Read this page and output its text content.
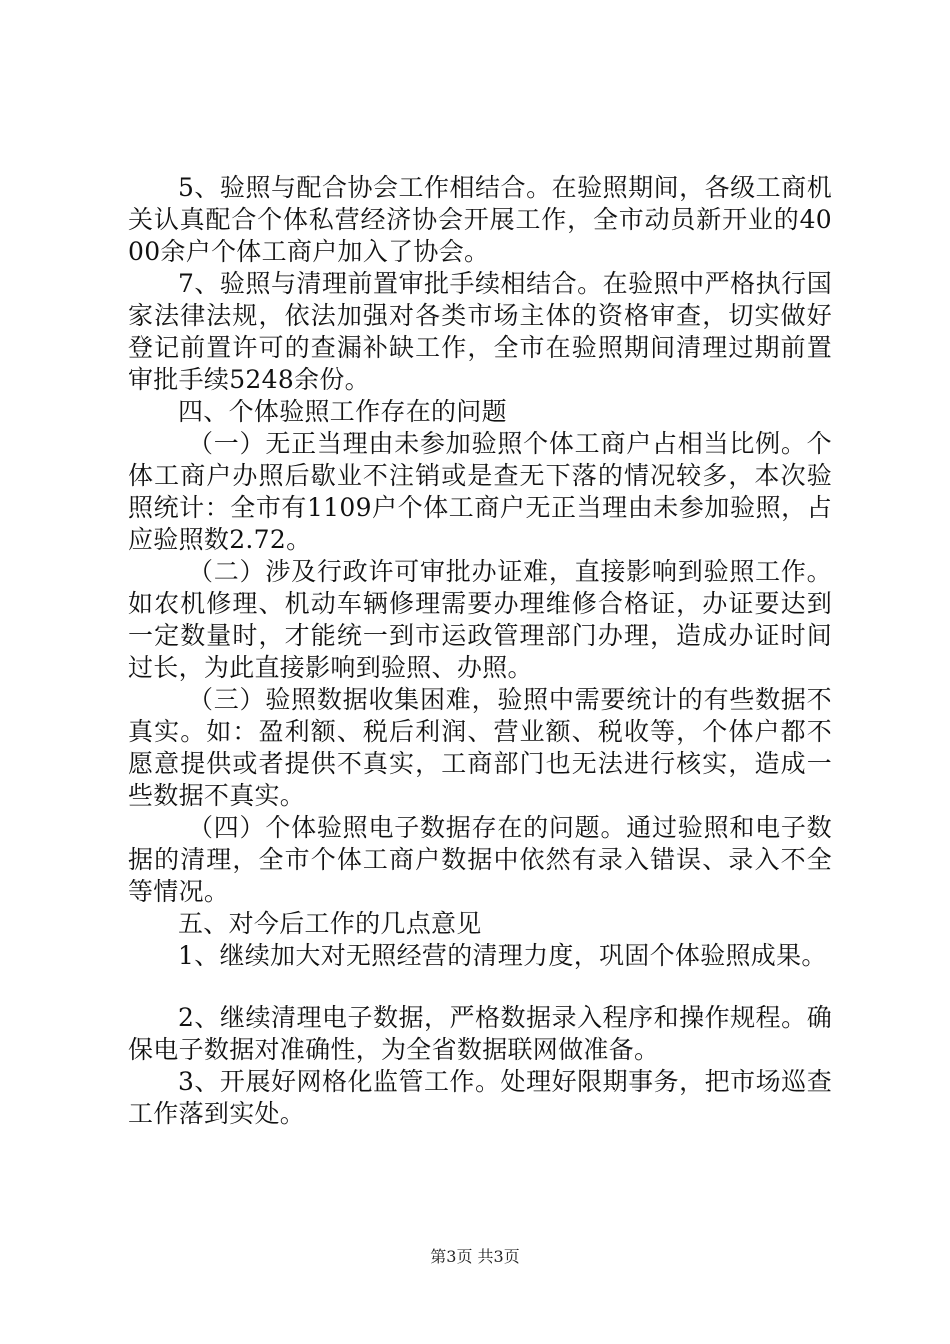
5、验照与配合协会工作相结合。在验照期间，各级工商机关认真配合个体私营经济协会开展工作，全市动员新开业的4000余户个体工商户加入了协会。

7、验照与清理前置审批手续相结合。在验照中严格执行国家法律法规，依法加强对各类市场主体的资格审查，切实做好登记前置许可的查漏补缺工作，全市在验照期间清理过期前置审批手续5248余份。

四、个体验照工作存在的问题

（一）无正当理由未参加验照个体工商户占相当比例。个体工商户办照后歇业不注销或是查无下落的情况较多，本次验照统计：全市有1109户个体工商户无正当理由未参加验照，占应验照数2.72。

（二）涉及行政许可审批办证难，直接影响到验照工作。如农机修理、机动车辆修理需要办理维修合格证，办证要达到一定数量时，才能统一到市运政管理部门办理，造成办证时间过长，为此直接影响到验照、办照。

（三）验照数据收集困难，验照中需要统计的有些数据不真实。如：盈利额、税后利润、营业额、税收等，个体户都不愿意提供或者提供不真实，工商部门也无法进行核实，造成一些数据不真实。

（四）个体验照电子数据存在的问题。通过验照和电子数据的清理，全市个体工商户数据中依然有录入错误、录入不全等情况。

五、对今后工作的几点意见

1、继续加大对无照经营的清理力度，巩固个体验照成果。

2、继续清理电子数据，严格数据录入程序和操作规程。确保电子数据对准确性，为全省数据联网做准备。

3、开展好网格化监管工作。处理好限期事务，把市场巡查工作落到实处。

第3页 共3页
